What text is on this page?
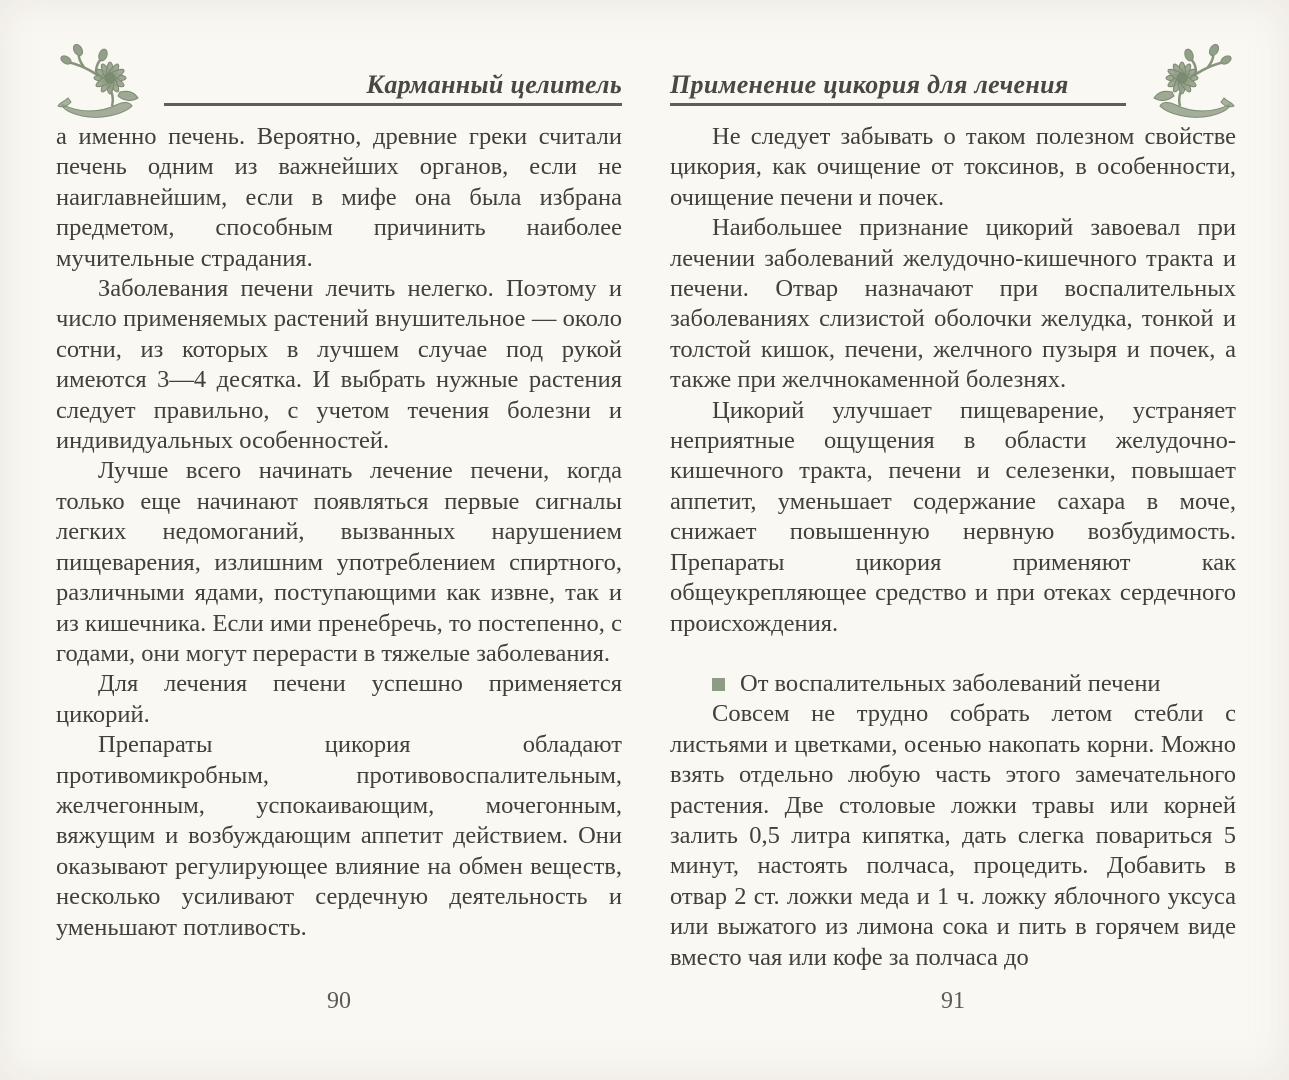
Карманный целитель

а именно печень. Вероятно, древние греки считали печень одним из важнейших органов, если не наиглавнейшим, если в мифе она была избрана предметом, способным причинить наиболее мучительные страдания.

Заболевания печени лечить нелегко. Поэтому и число применяемых растений внушительное — около сотни, из которых в лучшем случае под рукой имеются 3—4 десятка. И выбрать нужные растения следует правильно, с учетом течения болезни и индивидуальных особенностей.

Лучше всего начинать лечение печени, когда только еще начинают появляться первые сигналы легких недомоганий, вызванных нарушением пищеварения, излишним употреблением спиртного, различными ядами, поступающими как извне, так и из кишечника. Если ими пренебречь, то постепенно, с годами, они могут перерасти в тяжелые заболевания.

Для лечения печени успешно применяется цикорий.

Препараты цикория обладают противомикробным, противовоспалительным, желчегонным, успокаивающим, мочегонным, вяжущим и возбуждающим аппетит действием. Они оказывают регулирующее влияние на обмен веществ, несколько усиливают сердечную деятельность и уменьшают потливость.

Применение цикория для лечения

Не следует забывать о таком полезном свойстве цикория, как очищение от токсинов, в особенности, очищение печени и почек.

Наибольшее признание цикорий завоевал при лечении заболеваний желудочно-кишечного тракта и печени. Отвар назначают при воспалительных заболеваниях слизистой оболочки желудка, тонкой и толстой кишок, печени, желчного пузыря и почек, а также при желчнокаменной болезнях.

Цикорий улучшает пищеварение, устраняет неприятные ощущения в области желудочно-кишечного тракта, печени и селезенки, повышает аппетит, уменьшает содержание сахара в моче, снижает повышенную нервную возбудимость. Препараты цикория применяют как общеукрепляющее средство и при отеках сердечного происхождения.

От воспалительных заболеваний печени

Совсем не трудно собрать летом стебли с листьями и цветками, осенью накопать корни. Можно взять отдельно любую часть этого замечательного растения. Две столовые ложки травы или корней залить 0,5 литра кипятка, дать слегка повариться 5 минут, настоять полчаса, процедить. Добавить в отвар 2 ст. ложки меда и 1 ч. ложку яблочного уксуса или выжатого из лимона сока и пить в горячем виде вместо чая или кофе за полчаса до

90	91
